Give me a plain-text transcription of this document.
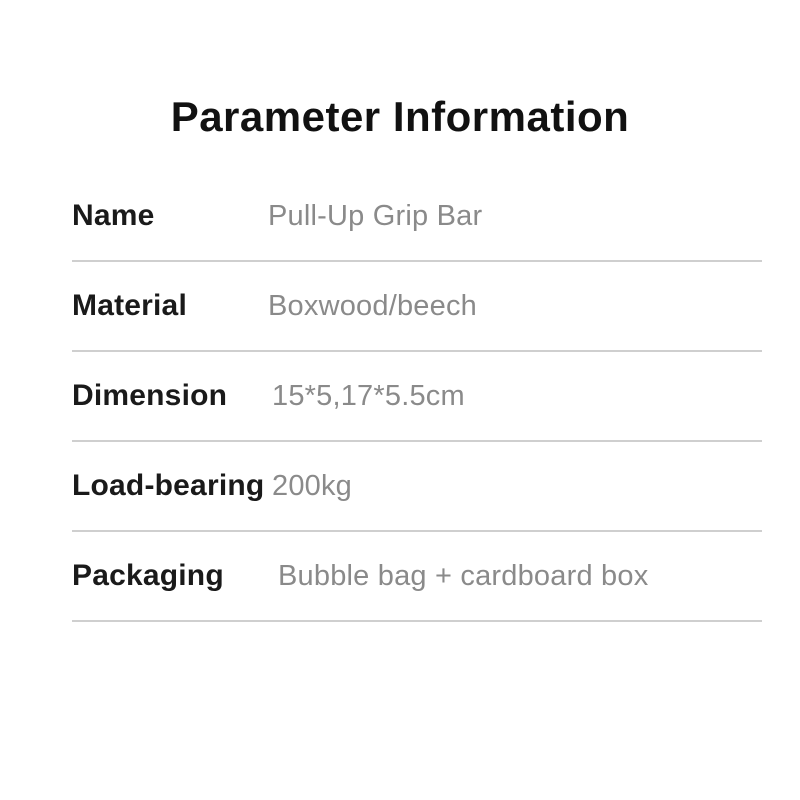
Parameter Information
Name	Pull-Up Grip Bar
Material	Boxwood/beech
Dimension	15*5,17*5.5cm
Load-bearing 200kg
Packaging	Bubble bag + cardboard box
